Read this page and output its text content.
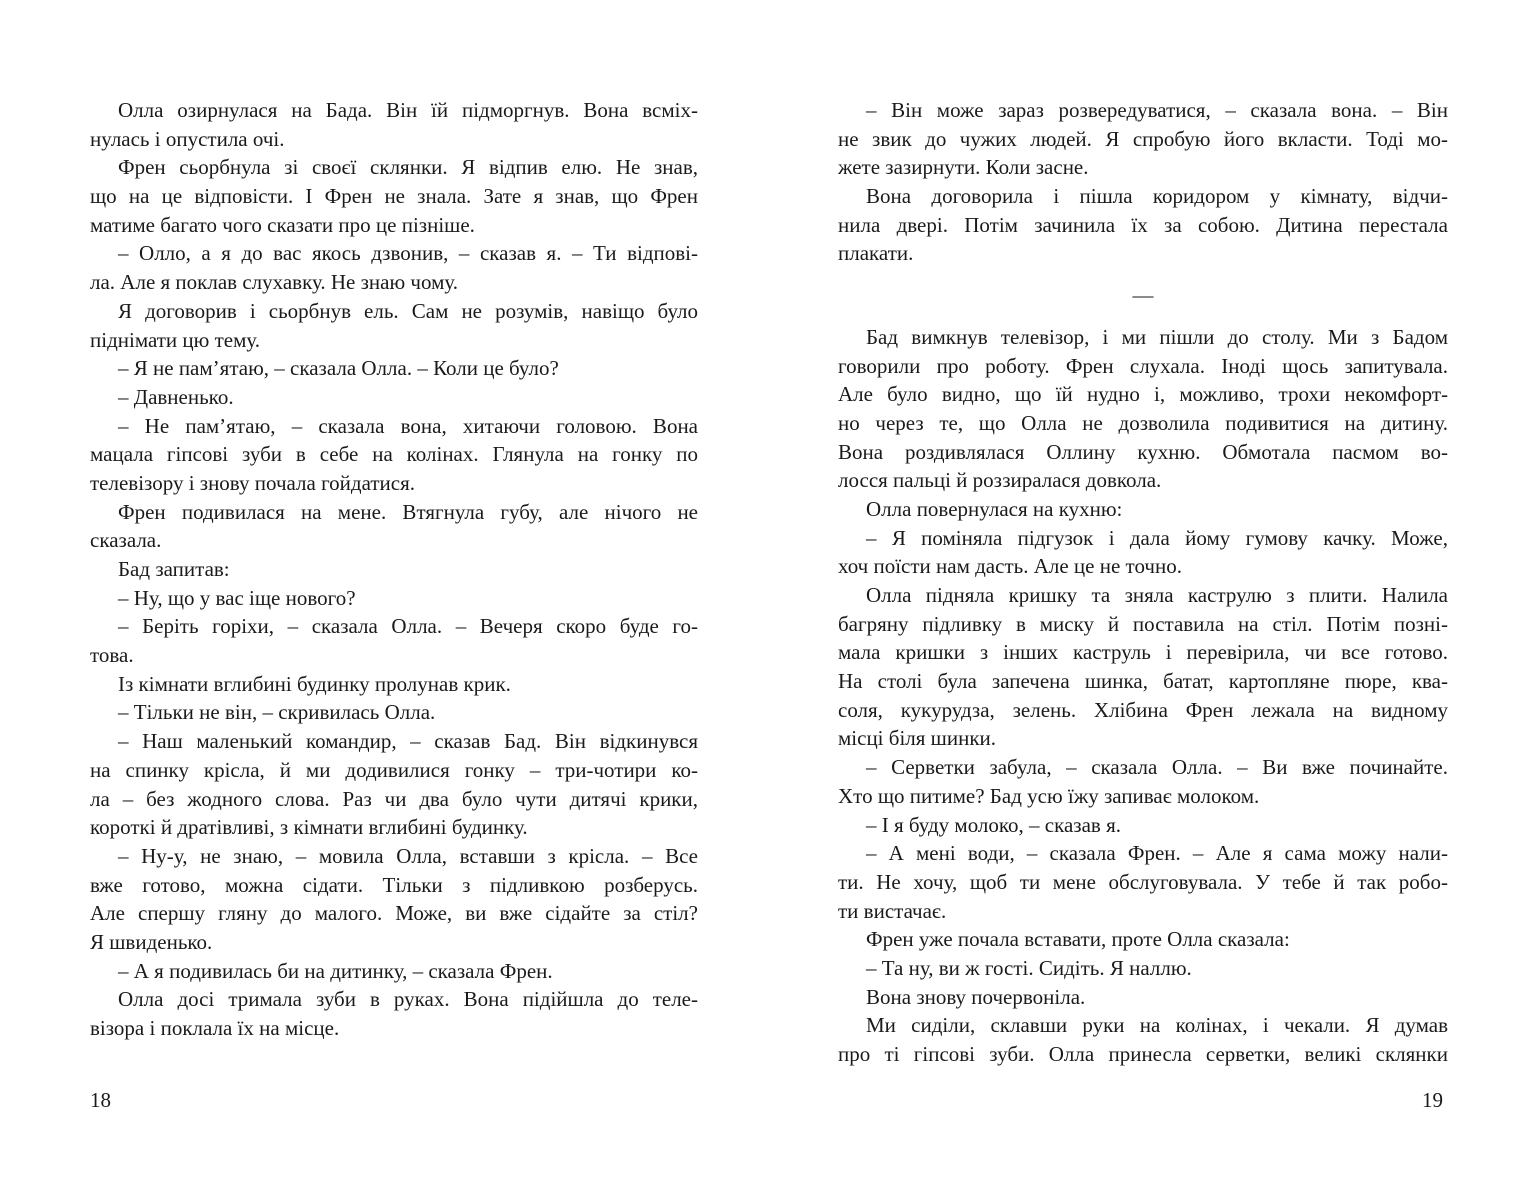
Олла озирнулася на Бада. Він їй підморгнув. Вона всміх-
нулась і опустила очі.
Френ сьорбнула зі своєї склянки. Я відпив елю. Не знав,
що на це відповісти. І Френ не знала. Зате я знав, що Френ
матиме багато чого сказати про це пізніше.
– Олло, а я до вас якось дзвонив, – сказав я. – Ти відпові-
ла. Але я поклав слухавку. Не знаю чому.
Я договорив і сьорбнув ель. Сам не розумів, навіщо було
піднімати цю тему.
– Я не пам’ятаю, – сказала Олла. – Коли це було?
– Давненько.
– Не пам’ятаю, – сказала вона, хитаючи головою. Вона
мацала гіпсові зуби в себе на колінах. Глянула на гонку по
телевізору і знову почала гойдатися.
Френ подивилася на мене. Втягнула губу, але нічого не
сказала.
Бад запитав:
– Ну, що у вас іще нового?
– Беріть горіхи, – сказала Олла. – Вечеря скоро буде го-
това.
Із кімнати вглибині будинку пролунав крик.
– Тільки не він, – скривилась Олла.
– Наш маленький командир, – сказав Бад. Він відкинувся
на спинку крісла, й ми додивилися гонку – три-чотири ко-
ла – без жодного слова. Раз чи два було чути дитячі крики,
короткі й дратівливі, з кімнати вглибині будинку.
– Ну-у, не знаю, – мовила Олла, вставши з крісла. – Все
вже готово, можна сідати. Тільки з підливкою розберусь.
Але спершу гляну до малого. Може, ви вже сідайте за стіл?
Я швиденько.
– А я подивилась би на дитинку, – сказала Френ.
Олла досі тримала зуби в руках. Вона підійшла до теле-
візора і поклала їх на місце.
– Він може зараз розвередуватися, – сказала вона. – Він
не звик до чужих людей. Я спробую його вкласти. Тоді мо-
жете зазирнути. Коли засне.
Вона договорила і пішла коридором у кімнату, відчи-
нила двері. Потім зачинила їх за собою. Дитина перестала
плакати.
—
Бад вимкнув телевізор, і ми пішли до столу. Ми з Бадом
говорили про роботу. Френ слухала. Іноді щось запитувала.
Але було видно, що їй нудно і, можливо, трохи некомфорт-
но через те, що Олла не дозволила подивитися на дитину.
Вона роздивлялася Оллину кухню. Обмотала пасмом во-
лосся пальці й роззиралася довкола.
Олла повернулася на кухню:
– Я поміняла підгузок і дала йому гумову качку. Може,
хоч поїсти нам дасть. Але це не точно.
Олла підняла кришку та зняла каструлю з плити. Налила
багряну підливку в миску й поставила на стіл. Потім позні-
мала кришки з інших каструль і перевірила, чи все готово.
На столі була запечена шинка, батат, картопляне пюре, ква-
соля, кукурудза, зелень. Хлібина Френ лежала на видному
місці біля шинки.
– Серветки забула, – сказала Олла. – Ви вже починайте.
Хто що питиме? Бад усю їжу запиває молоком.
– І я буду молоко, – сказав я.
– А мені води, – сказала Френ. – Але я сама можу нали-
ти. Не хочу, щоб ти мене обслуговувала. У тебе й так робо-
ти вистачає.
Френ уже почала вставати, проте Олла сказала:
– Та ну, ви ж гості. Сидіть. Я наллю.
Вона знову почервоніла.
Ми сиділи, склавши руки на колінах, і чекали. Я думав
про ті гіпсові зуби. Олла принесла серветки, великі склянки
18	19
